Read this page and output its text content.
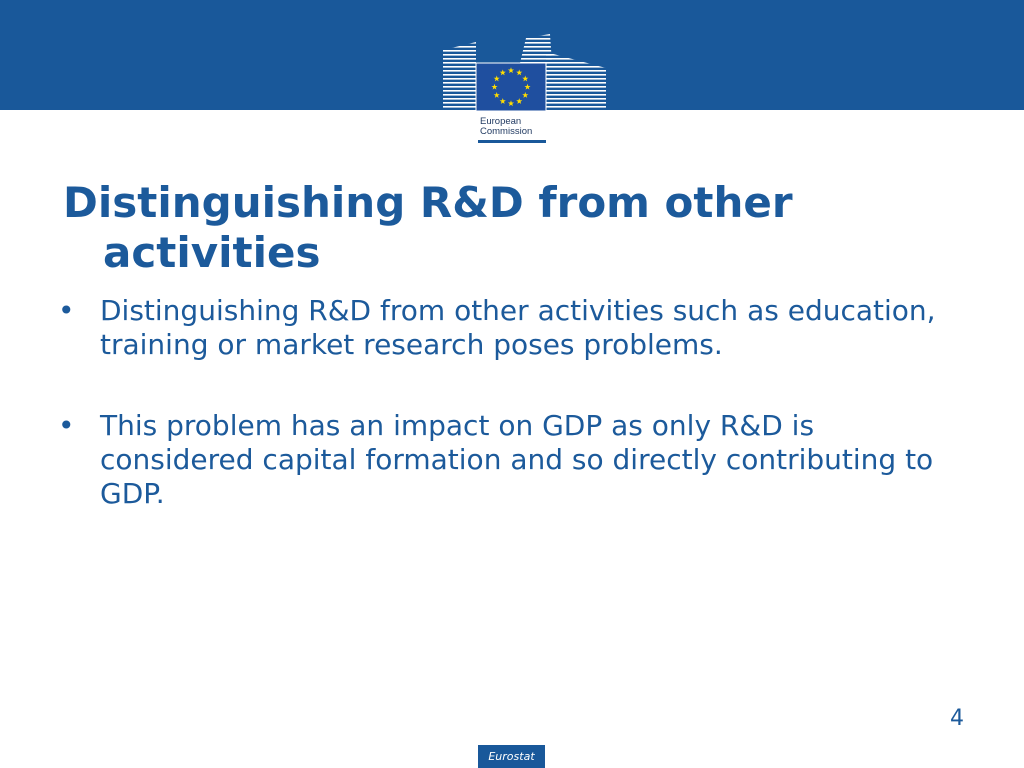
European
Commission
Distinguishing R&D from other
activities
• Distinguishing R&D from other activities such as education,
training or market research poses problems.
• This problem has an impact on GDP as only R&D is
considered capital formation and so directly contributing to
GDP.
4
Eurostat
